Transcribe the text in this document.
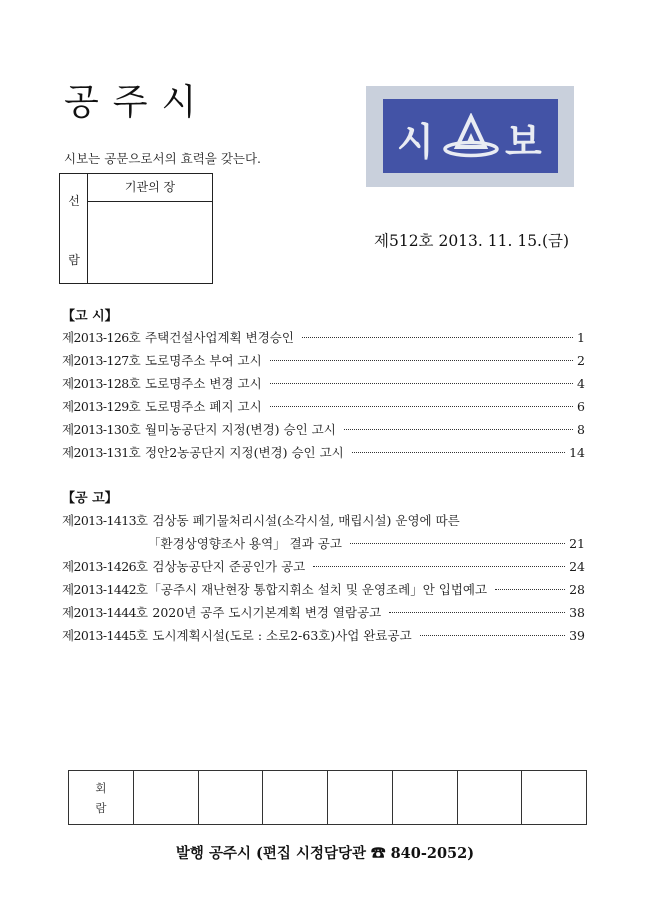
공주시
시보는 공문으로서의 효력을 갖는다.
선
람
기관의 장
시 보
제512호 2013. 11. 15.(금)
【고 시】
제2013-126호 주택건설사업계획 변경승인	1
제2013-127호 도로명주소 부여 고시	2
제2013-128호 도로명주소 변경 고시	4
제2013-129호 도로명주소 폐지 고시	6
제2013-130호 월미농공단지 지정(변경) 승인 고시	8
제2013-131호 정안2농공단지 지정(변경) 승인 고시	14
【공 고】
제2013-1413호 검상동 폐기물처리시설(소각시설, 매립시설) 운영에 따른
「환경상영향조사 용역」 결과 공고	21
제2013-1426호 검상농공단지 준공인가 공고	24
제2013-1442호 「공주시 재난현장 통합지휘소 설치 및 운영조례」안 입법예고	28
제2013-1444호 2020년 공주 도시기본계획 변경 열람공고	38
제2013-1445호 도시계획시설(도로 : 소로2-63호)사업 완료공고	39
회
람
발행 공주시 (편집 시정담당관 ☎ 840-2052)
